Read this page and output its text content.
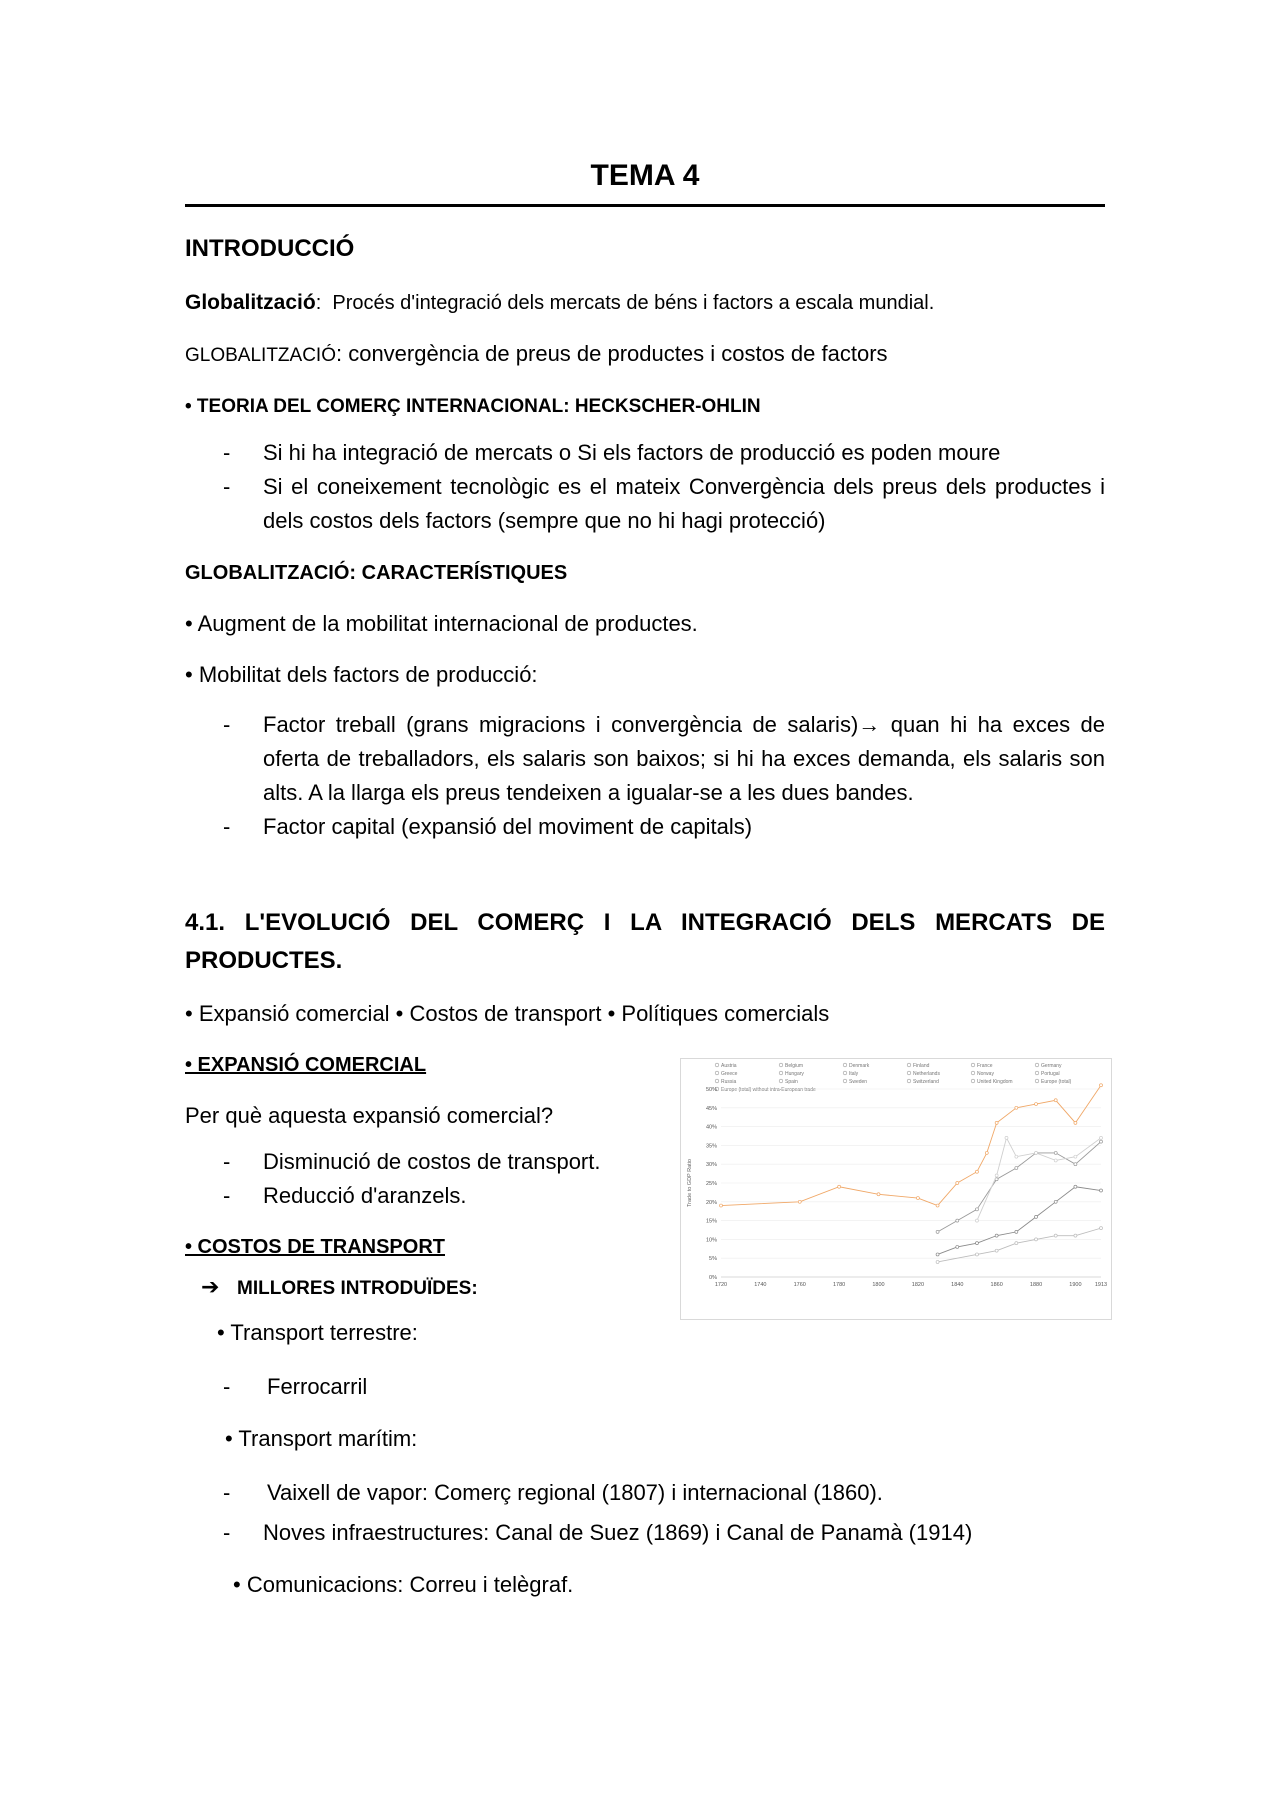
TEMA 4
INTRODUCCIÓ

Globalització: Procés d'integració dels mercats de béns i factors a escala mundial.

GLOBALITZACIÓ: convergència de preus de productes i costos de factors

• TEORIA DEL COMERÇ INTERNACIONAL: HECKSCHER-OHLIN

- Si hi ha integració de mercats o Si els factors de producció es poden moure
- Si el coneixement tecnològic es el mateix Convergència dels preus dels productes i dels costos dels factors (sempre que no hi hagi protecció)

GLOBALITZACIÓ: CARACTERÍSTIQUES

• Augment de la mobilitat internacional de productes.

• Mobilitat dels factors de producció:

- Factor treball (grans migracions i convergència de salaris)→ quan hi ha exces de oferta de treballadors, els salaris son baixos; si hi ha exces demanda, els salaris son alts. A la llarga els preus tendeixen a igualar-se a les dues bandes.
- Factor capital (expansió del moviment de capitals)
4.1. L'EVOLUCIÓ DEL COMERÇ I LA INTEGRACIÓ DELS MERCATS DE PRODUCTES.

• Expansió comercial • Costos de transport • Polítiques comercials

• EXPANSIÓ COMERCIAL

Per què aquesta expansió comercial?

- Disminució de costos de transport.
- Reducció d'aranzels.

• COSTOS DE TRANSPORT

➔ MILLORES INTRODUÏDES:

• Transport terrestre:

- Ferrocarril

• Transport marítim:

- Vaixell de vapor: Comerç regional (1807) i internacional (1860).
- Noves infraestructures: Canal de Suez (1869) i Canal de Panamà (1914)

• Comunicacions: Correu i telègraf.

Austria	Belgium	Denmark	Finland	France	Germany
Greece	Hungary	Italy	Netherlands	Norway	Portugal
Russia	Spain	Sweden	Switzerland	United Kingdom	Europe (total)
Europe (total) without intra-European trade
0%
5%
10%
15%
20%
25%
30%
35%
40%
45%
50%
1720	1740	1760	1780	1800	1820	1840	1860	1880	1900 1913
Trade to GDP Ratio
